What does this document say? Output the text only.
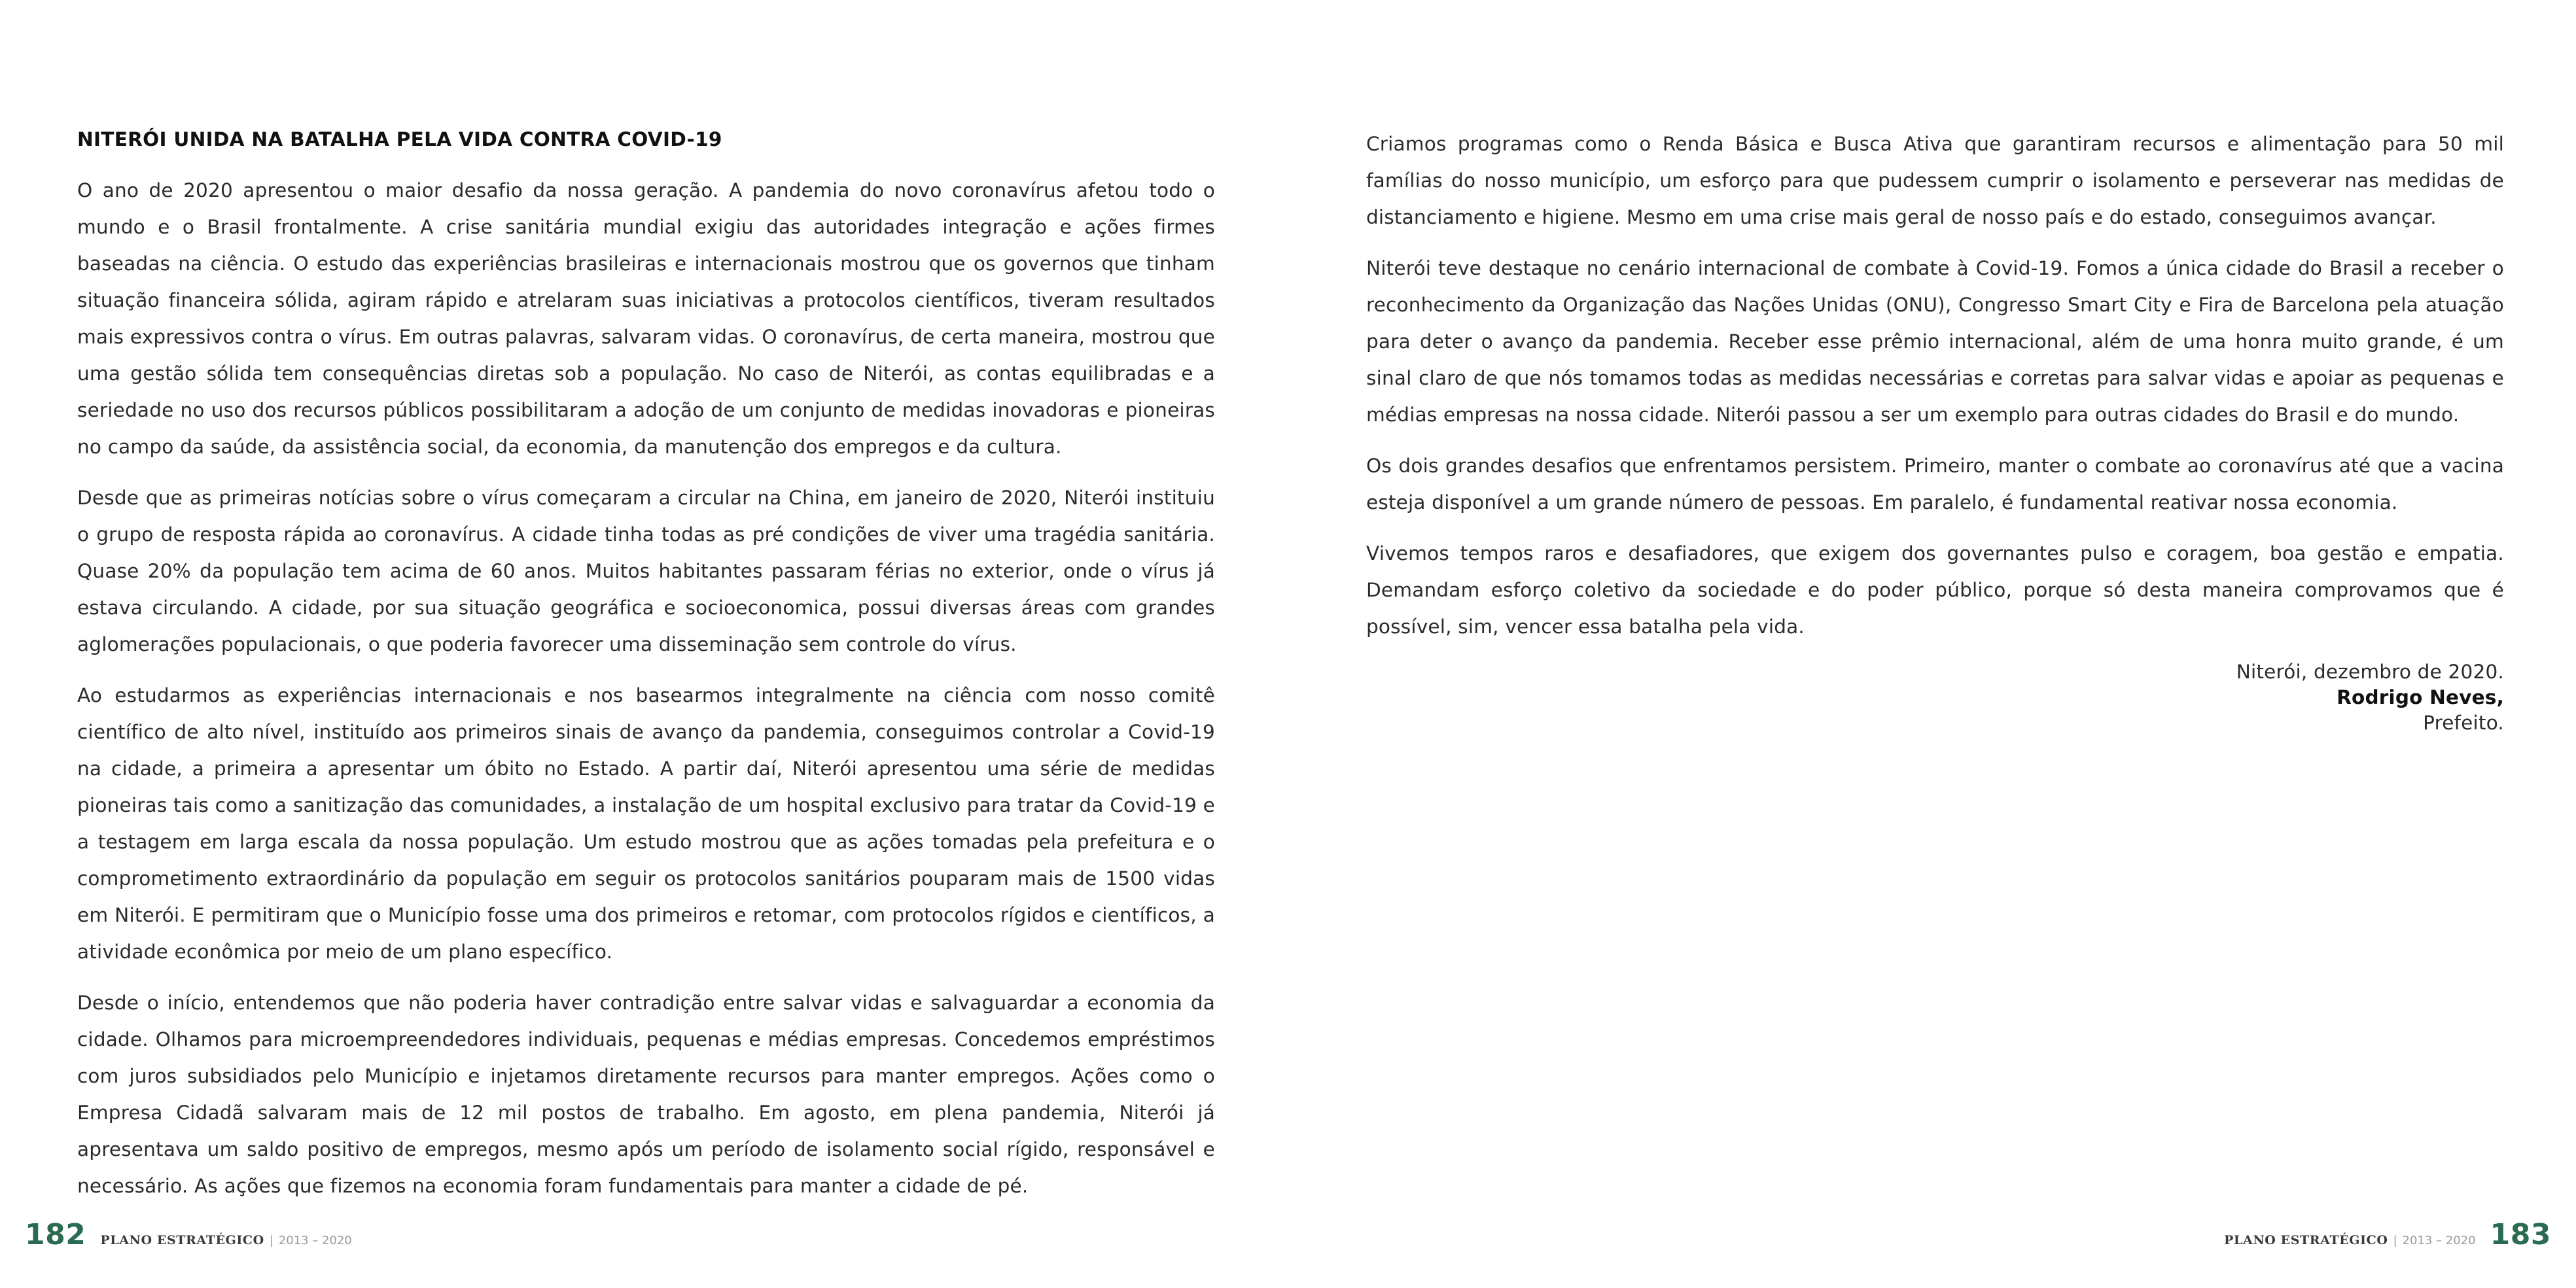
NITERÓI UNIDA NA BATALHA PELA VIDA CONTRA COVID-19

O ano de 2020 apresentou o maior desafio da nossa geração. A pandemia do novo coronavírus afetou todo o mundo e o Brasil frontalmente. A crise sanitária mundial exigiu das autoridades integração e ações firmes baseadas na ciência. O estudo das experiências brasileiras e internacionais mostrou que os governos que tinham situação financeira sólida, agiram rápido e atrelaram suas iniciativas a protocolos científicos, tiveram resultados mais expressivos contra o vírus. Em outras palavras, salvaram vidas. O coronavírus, de certa maneira, mostrou que uma gestão sólida tem consequências diretas sob a população. No caso de Niterói, as contas equilibradas e a seriedade no uso dos recursos públicos possibilitaram a adoção de um conjunto de medidas inovadoras e pioneiras no campo da saúde, da assistência social, da economia, da manutenção dos empregos e da cultura.

Desde que as primeiras notícias sobre o vírus começaram a circular na China, em janeiro de 2020, Niterói instituiu o grupo de resposta rápida ao coronavírus. A cidade tinha todas as pré condições de viver uma tragédia sanitária. Quase 20% da população tem acima de 60 anos. Muitos habitantes passaram férias no exterior, onde o vírus já estava circulando. A cidade, por sua situação geográfica e socioeconomica, possui diversas áreas com grandes aglomerações populacionais, o que poderia favorecer uma disseminação sem controle do vírus.

Ao estudarmos as experiências internacionais e nos basearmos integralmente na ciência com nosso comitê científico de alto nível, instituído aos primeiros sinais de avanço da pandemia, conseguimos controlar a Covid-19 na cidade, a primeira a apresentar um óbito no Estado. A partir daí, Niterói apresentou uma série de medidas pioneiras tais como a sanitização das comunidades, a instalação de um hospital exclusivo para tratar da Covid-19 e a testagem em larga escala da nossa população. Um estudo mostrou que as ações tomadas pela prefeitura e o comprometimento extraordinário da população em seguir os protocolos sanitários pouparam mais de 1500 vidas em Niterói. E permitiram que o Município fosse uma dos primeiros e retomar, com protocolos rígidos e científicos, a atividade econômica por meio de um plano específico.

Desde o início, entendemos que não poderia haver contradição entre salvar vidas e salvaguardar a economia da cidade. Olhamos para microempreendedores individuais, pequenas e médias empresas. Concedemos empréstimos com juros subsidiados pelo Município e injetamos diretamente recursos para manter empregos. Ações como o Empresa Cidadã salvaram mais de 12 mil postos de trabalho. Em agosto, em plena pandemia, Niterói já apresentava um saldo positivo de empregos, mesmo após um período de isolamento social rígido, responsável e necessário. As ações que fizemos na economia foram fundamentais para manter a cidade de pé.

Criamos programas como o Renda Básica e Busca Ativa que garantiram recursos e alimentação para 50 mil famílias do nosso município, um esforço para que pudessem cumprir o isolamento e perseverar nas medidas de distanciamento e higiene. Mesmo em uma crise mais geral de nosso país e do estado, conseguimos avançar.

Niterói teve destaque no cenário internacional de combate à Covid-19. Fomos a única cidade do Brasil a receber o reconhecimento da Organização das Nações Unidas (ONU), Congresso Smart City e Fira de Barcelona pela atuação para deter o avanço da pandemia. Receber esse prêmio internacional, além de uma honra muito grande, é um sinal claro de que nós tomamos todas as medidas necessárias e corretas para salvar vidas e apoiar as pequenas e médias empresas na nossa cidade. Niterói passou a ser um exemplo para outras cidades do Brasil e do mundo.

Os dois grandes desafios que enfrentamos persistem. Primeiro, manter o combate ao coronavírus até que a vacina esteja disponível a um grande número de pessoas. Em paralelo, é fundamental reativar nossa economia.

Vivemos tempos raros e desafiadores, que exigem dos governantes pulso e coragem, boa gestão e empatia. Demandam esforço coletivo da sociedade e do poder público, porque só desta maneira comprovamos que é possível, sim, vencer essa batalha pela vida.

Niterói, dezembro de 2020.
Rodrigo Neves,
Prefeito.
182 PLANO ESTRATÉGICO | 2013 – 2020	PLANO ESTRATÉGICO | 2013 – 2020 183
